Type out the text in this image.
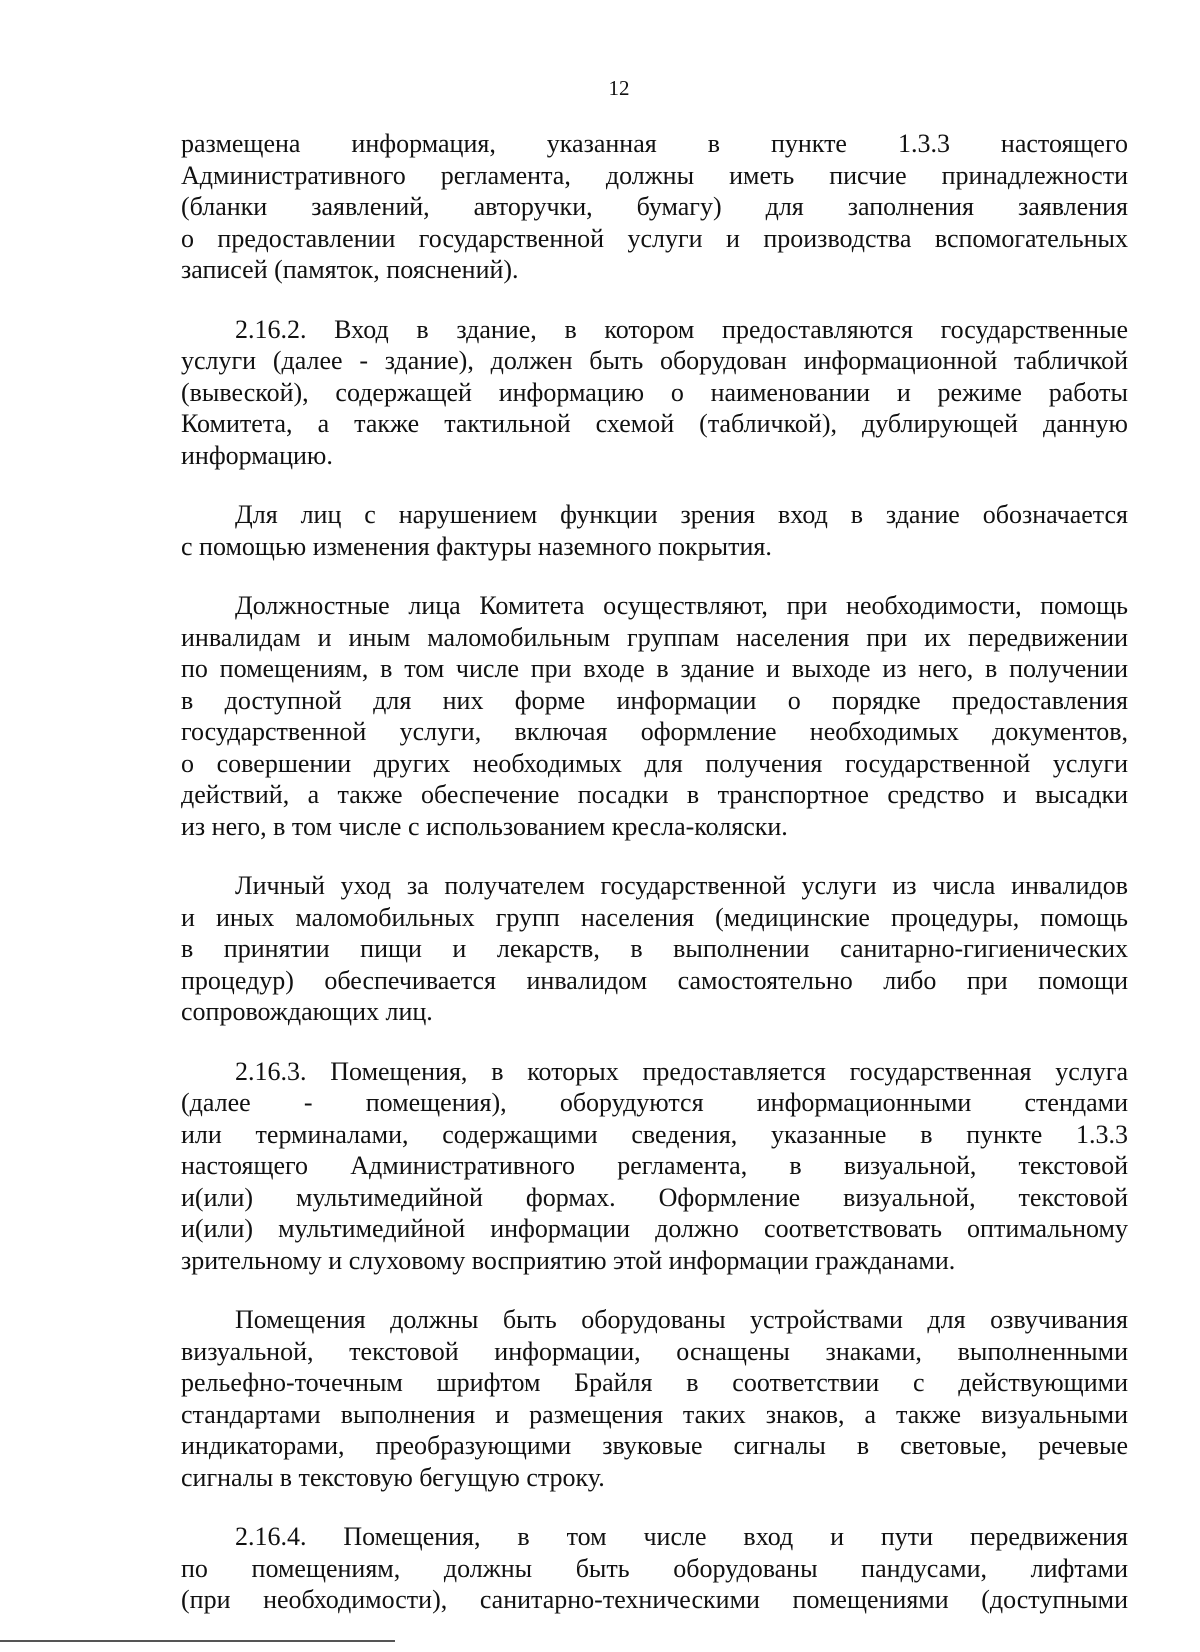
12

размещена информация, указанная в пункте 1.3.3 настоящего
Административного регламента, должны иметь писчие принадлежности
(бланки заявлений, авторучки, бумагу) для заполнения заявления
о предоставлении государственной услуги и производства вспомогательных
записей (памяток, пояснений).

2.16.2. Вход в здание, в котором предоставляются государственные
услуги (далее - здание), должен быть оборудован информационной табличкой
(вывеской), содержащей информацию о наименовании и режиме работы
Комитета, а также тактильной схемой (табличкой), дублирующей данную
информацию.

Для лиц с нарушением функции зрения вход в здание обозначается
с помощью изменения фактуры наземного покрытия.

Должностные лица Комитета осуществляют, при необходимости, помощь
инвалидам и иным маломобильным группам населения при их передвижении
по помещениям, в том числе при входе в здание и выходе из него, в получении
в доступной для них форме информации о порядке предоставления
государственной услуги, включая оформление необходимых документов,
о совершении других необходимых для получения государственной услуги
действий, а также обеспечение посадки в транспортное средство и высадки
из него, в том числе с использованием кресла-коляски.

Личный уход за получателем государственной услуги из числа инвалидов
и иных маломобильных групп населения (медицинские процедуры, помощь
в принятии пищи и лекарств, в выполнении санитарно-гигиенических
процедур) обеспечивается инвалидом самостоятельно либо при помощи
сопровождающих лиц.

2.16.3. Помещения, в которых предоставляется государственная услуга
(далее - помещения), оборудуются информационными стендами
или терминалами, содержащими сведения, указанные в пункте 1.3.3
настоящего Административного регламента, в визуальной, текстовой
и(или) мультимедийной формах. Оформление визуальной, текстовой
и(или) мультимедийной информации должно соответствовать оптимальному
зрительному и слуховому восприятию этой информации гражданами.

Помещения должны быть оборудованы устройствами для озвучивания
визуальной, текстовой информации, оснащены знаками, выполненными
рельефно-точечным шрифтом Брайля в соответствии с действующими
стандартами выполнения и размещения таких знаков, а также визуальными
индикаторами, преобразующими звуковые сигналы в световые, речевые
сигналы в текстовую бегущую строку.

2.16.4. Помещения, в том числе вход и пути передвижения
по помещениям, должны быть оборудованы пандусами, лифтами
(при необходимости), санитарно-техническими помещениями (доступными
